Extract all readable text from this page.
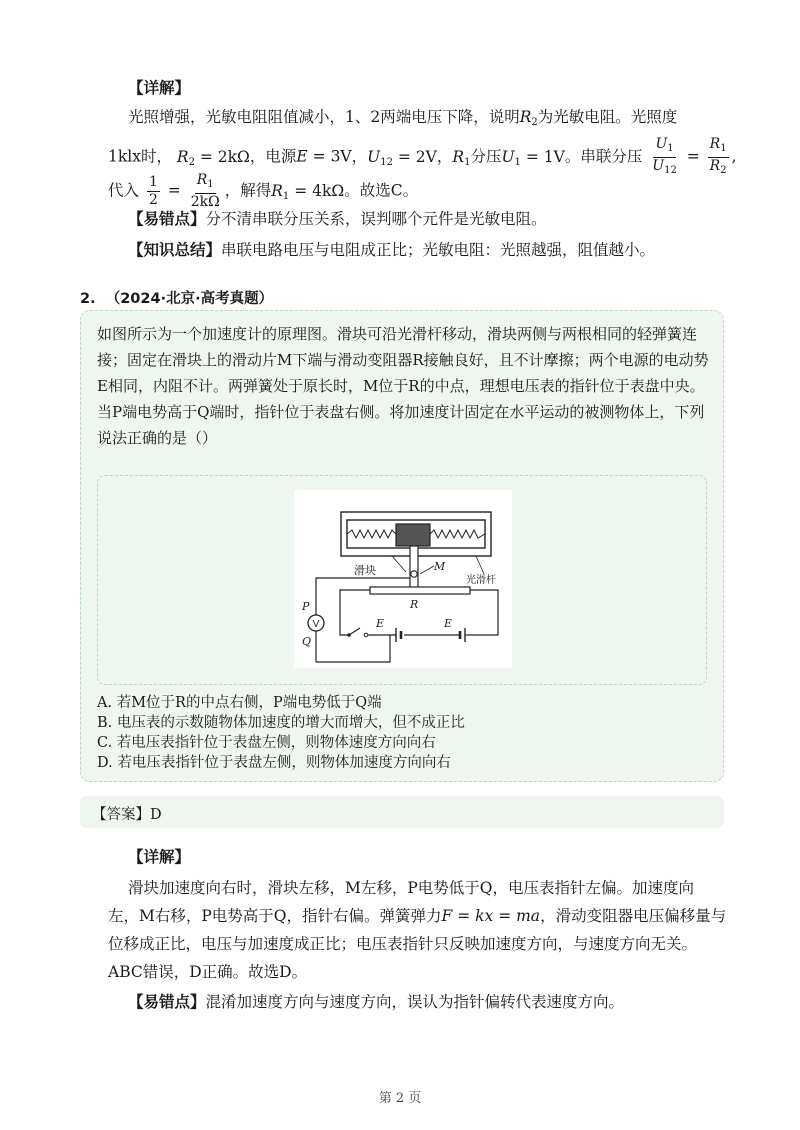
【详解】
光照增强，光敏电阻阻值减小，1、2两端电压下降，说明$R_2$为光敏电阻。光照度
1klx时， $R_2 = 2k\Omega$，电源E = 3V，$U_{12} = 2V$，$R_1$分压$U_1 = 1V$。串联分压 $\frac{U_1}{U_{12}} = \frac{R_1}{R_2}$ ,
代入 $\frac{1}{2} = \frac{R_1}{2k\Omega}$ ，解得$R_1 = 4k\Omega$。故选C。
【易错点】分不清串联分压关系，误判哪个元件是光敏电阻。
【知识总结】串联电路电压与电阻成正比；光敏电阻：光照越强，阻值越小。
2. （2024·北京·高考真题）
如图所示为一个加速度计的原理图。滑块可沿光滑杆移动，滑块两侧与两根相同的轻弹簧连接；固定在滑块上的滑动片M下端与滑动变阻器R接触良好，且不计摩擦；两个电源的电动势E相同，内阻不计。两弹簧处于原长时，M位于R的中点，理想电压表的指针位于表盘中央。当P端电势高于Q端时，指针位于表盘右侧。将加速度计固定在水平运动的被测物体上，下列说法正确的是（）
V
滑块	M
光滑杆
R
P
Q
E	E
A. 若M位于R的中点右侧，P端电势低于Q端
B. 电压表的示数随物体加速度的增大而增大，但不成正比
C. 若电压表指针位于表盘左侧，则物体速度方向向右
D. 若电压表指针位于表盘左侧，则物体加速度方向向右
【答案】D
【详解】
滑块加速度向右时，滑块左移，M左移，P电势低于Q，电压表指针左偏。加速度向
左，M右移，P电势高于Q，指针右偏。弹簧弹力F = kx = ma，滑动变阻器电压偏移量与
位移成正比，电压与加速度成正比；电压表指针只反映加速度方向，与速度方向无关。
ABC错误，D正确。故选D。
【易错点】混淆加速度方向与速度方向，误认为指针偏转代表速度方向。
第 2 页
